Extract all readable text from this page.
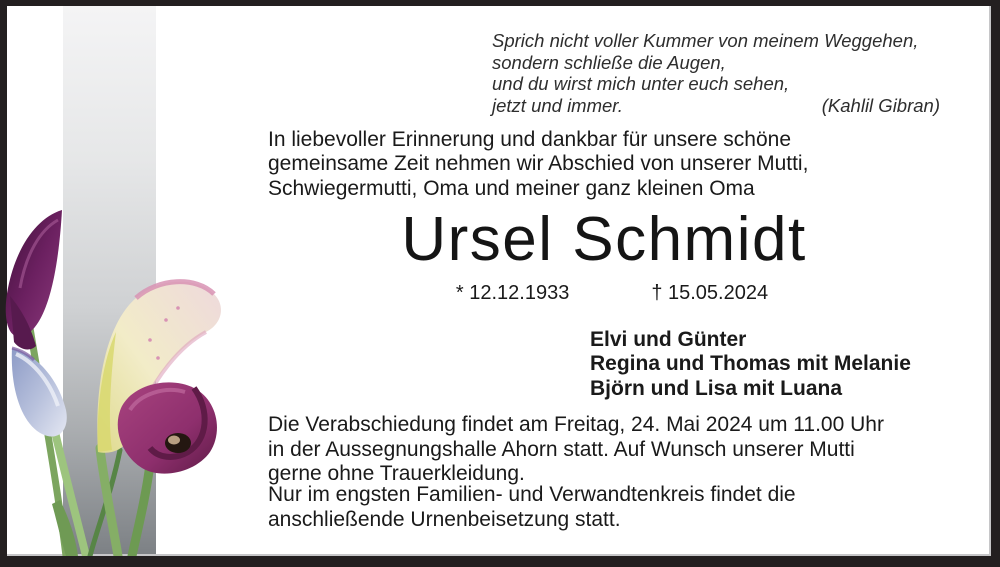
Sprich nicht voller Kummer von meinem Weggehen,
sondern schließe die Augen,
und du wirst mich unter euch sehen,
jetzt und immer.	(Kahlil Gibran)
In liebevoller Erinnerung und dankbar für unsere schöne
gemeinsame Zeit nehmen wir Abschied von unserer Mutti,
Schwiegermutti, Oma und meiner ganz kleinen Oma
Ursel Schmidt
* 12.12.1933	† 15.05.2024
Elvi und Günter
Regina und Thomas mit Melanie
Björn und Lisa mit Luana
Die Verabschiedung findet am Freitag, 24. Mai 2024 um 11.00 Uhr
in der Aussegnungshalle Ahorn statt. Auf Wunsch unserer Mutti
gerne ohne Trauerkleidung.
Nur im engsten Familien- und Verwandtenkreis findet die
anschließende Urnenbeisetzung statt.
